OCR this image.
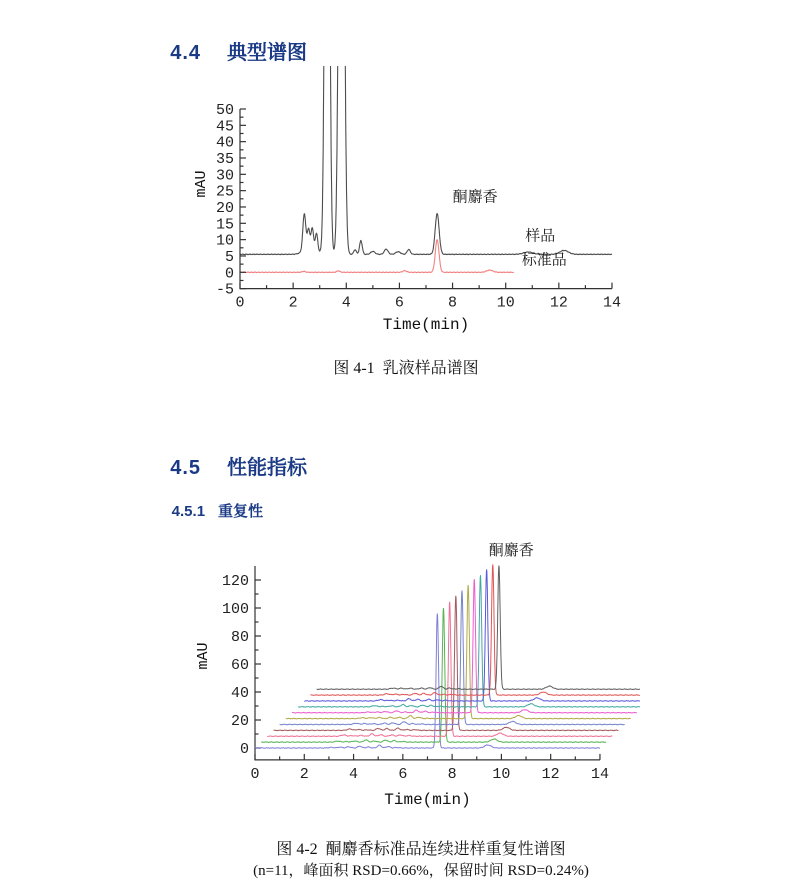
4.4 典型谱图

-5
0
5
10
15
20
25
30
35
40
45
50
0	2	4	6	8	10 12 14
Time(min)
mAU	酮麝香
样品
标准品
图 4-1  乳液样品谱图

4.5 性能指标

4.5.1 重复性

0
20
40
60
80
100
120
0	2	4	6	8 10 12 14
Time(min)
mAU
酮麝香
图 4-2  酮麝香标准品连续进样重复性谱图
(n=11，峰面积 RSD=0.66%，保留时间 RSD=0.24%)
